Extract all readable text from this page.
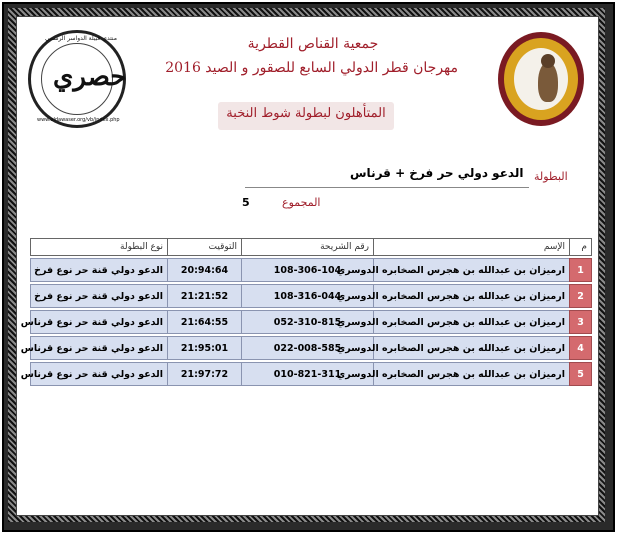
حصري
منتدى قبيلة الدواسر الرسمي
www.aldawaser.org/vb/index.php
جمعية القناص القطرية
مهرجان قطر الدولي السابع للصقور و الصيد 2016
المتأهلون لبطولة شوط النخبة
البطولة
الدعو دولي حر فرخ + قرناس
المجموع
5
م	الإسم	رقم الشريحة	التوقيت	نوع البطولة

1	ارميزان بن عبدالله بن هجرس الصخابره الدوسري	108-306-104	20:94:64	الدعو دولي قنة حر نوع فرخ

2	ارميزان بن عبدالله بن هجرس الصخابره الدوسري	108-316-044	21:21:52	الدعو دولي قنة حر نوع فرخ

3	ارميزان بن عبدالله بن هجرس الصخابره الدوسري	052-310-815	21:64:55	الدعو دولي قنة حر نوع قرناس

4	ارميزان بن عبدالله بن هجرس الصخابره الدوسري	022-008-585	21:95:01	الدعو دولي قنة حر نوع قرناس

5	ارميزان بن عبدالله بن هجرس الصخابره الدوسري	010-821-311	21:97:72	الدعو دولي قنة حر نوع قرناس
